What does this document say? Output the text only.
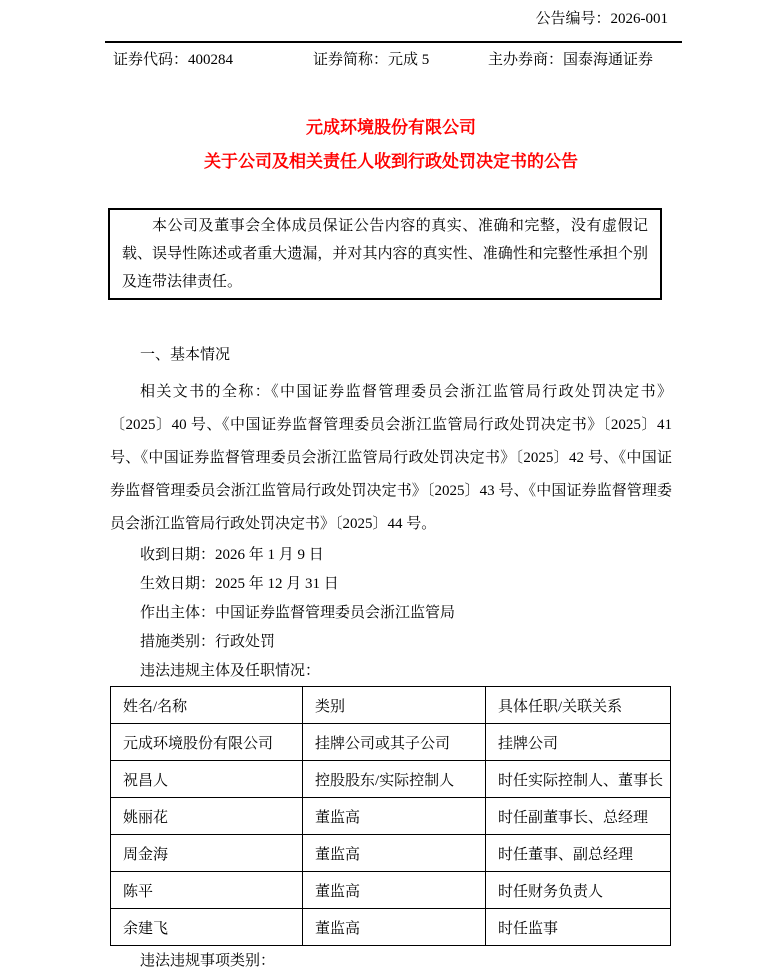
公告编号：2026-001
证券代码：400284	证券简称：元成 5	主办券商：国泰海通证券
元成环境股份有限公司
关于公司及相关责任人收到行政处罚决定书的公告
本公司及董事会全体成员保证公告内容的真实、准确和完整，没有虚假记载、误导性陈述或者重大遗漏，并对其内容的真实性、准确性和完整性承担个别及连带法律责任。
一、基本情况
相关文书的全称：《中国证券监督管理委员会浙江监管局行政处罚决定书》〔2025〕40 号、《中国证券监督管理委员会浙江监管局行政处罚决定书》〔2025〕41 号、《中国证券监督管理委员会浙江监管局行政处罚决定书》〔2025〕42 号、《中国证券监督管理委员会浙江监管局行政处罚决定书》〔2025〕43 号、《中国证券监督管理委员会浙江监管局行政处罚决定书》〔2025〕44 号。
收到日期：2026 年 1 月 9 日
生效日期：2025 年 12 月 31 日
作出主体：中国证券监督管理委员会浙江监管局
措施类别：行政处罚
违法违规主体及任职情况：
姓名/名称	类别	具体任职/关联关系
元成环境股份有限公司	挂牌公司或其子公司	挂牌公司
祝昌人	控股股东/实际控制人	时任实际控制人、董事长
姚丽花	董监高	时任副董事长、总经理
周金海	董监高	时任董事、副总经理
陈平	董监高	时任财务负责人
余建飞	董监高	时任监事
违法违规事项类别：
